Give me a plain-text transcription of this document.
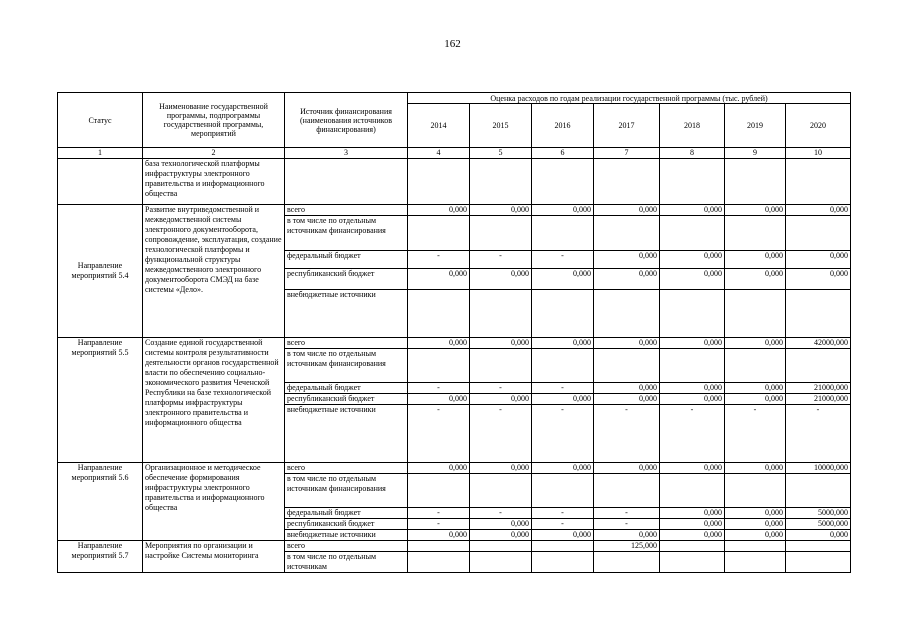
162
Статус	Наименование государственной программы, подпрограммы государственной программы, мероприятий	Источник финансирования (наименования источников финансирования)	Оценка расходов по годам реализации государственной программы (тыс. рублей)						
			2014	2015	2016	2017	2018	2019	2020
1	2	3	4	5	6	7	8	9	10
	база технологической платформы инфраструктуры электронного правительства и информационного общества								
Направление мероприятий 5.4	Развитие внутриведомственной и межведомственной системы электронного документооборота, сопровождение, эксплуатация, создание технологической платформы и функциональной структуры межведомственного электронного документооборота СМЭД на базе системы «Дело».	всего	0,000	0,000	0,000	0,000	0,000	0,000	0,000
		в том числе по отдельным источникам финансирования							
		федеральный бюджет	-	-	-	0,000	0,000	0,000	0,000
		республиканский бюджет	0,000	0,000	0,000	0,000	0,000	0,000	0,000
		внебюджетные источники							
Направление мероприятий 5.5	Создание единой государственной системы контроля результативности деятельности органов государственной власти по обеспечению социально-экономического развития Чеченской Республики на базе технологической платформы инфраструктуры электронного правительства и информационного общества	всего	0,000	0,000	0,000	0,000	0,000	0,000	42000,000
		в том числе по отдельным источникам финансирования							
		федеральный бюджет	-	-	-	0,000	0,000	0,000	21000,000
		республиканский бюджет	0,000	0,000	0,000	0,000	0,000	0,000	21000,000
		внебюджетные источники	-	-	-	-	-	-	-
Направление мероприятий 5.6	Организационное и методическое обеспечение формирования инфраструктуры электронного правительства и информационного общества	всего	0,000	0,000	0,000	0,000	0,000	0,000	10000,000
		в том числе по отдельным источникам финансирования							
		федеральный бюджет	-	-	-	-	0,000	0,000	5000,000
		республиканский бюджет	-	0,000	-	-	0,000	0,000	5000,000
		внебюджетные источники	0,000	0,000	0,000	0,000	0,000	0,000	0,000
Направление мероприятий 5.7	Мероприятия по организации и настройке Системы мониторинга	всего				125,000			
		в том числе по отдельным источникам							
